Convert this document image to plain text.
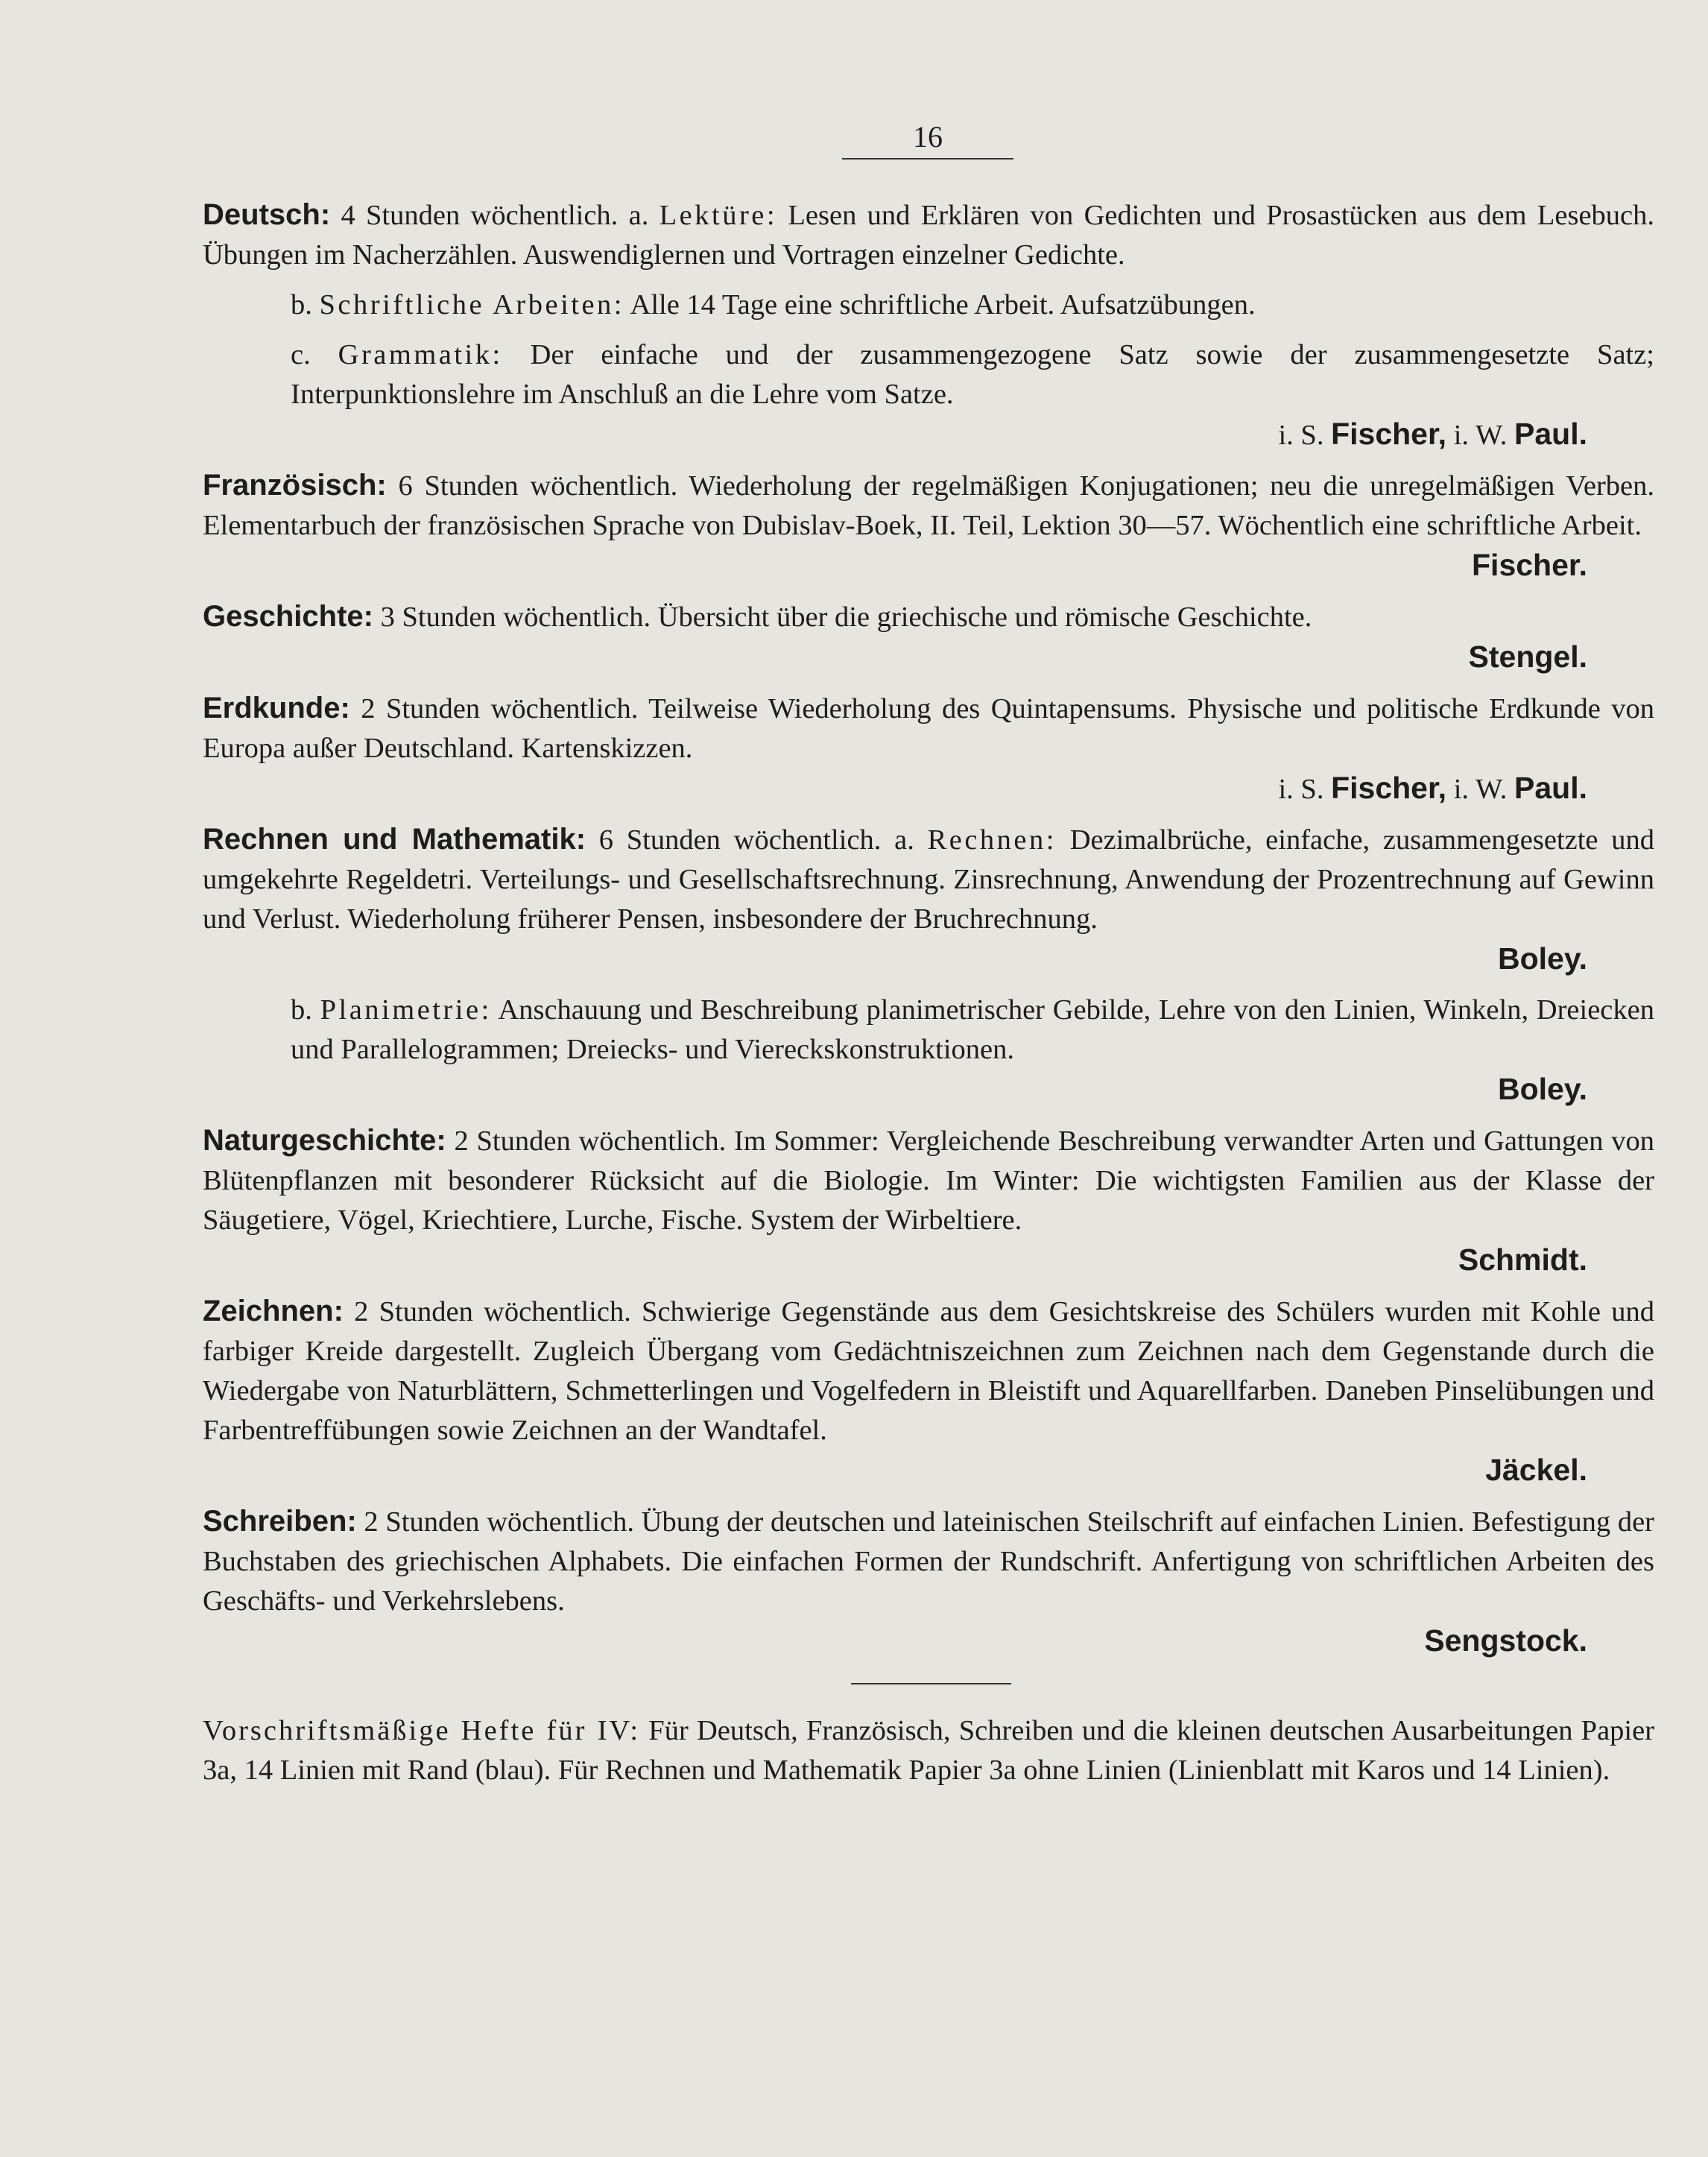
16
Deutsch: 4 Stunden wöchentlich. a. Lektüre: Lesen und Erklären von Gedichten und Prosastücken aus dem Lesebuch. Übungen im Nacherzählen. Auswendiglernen und Vortragen einzelner Gedichte.
b. Schriftliche Arbeiten: Alle 14 Tage eine schriftliche Arbeit. Aufsatzübungen.
c. Grammatik: Der einfache und der zusammengezogene Satz sowie der zusammengesetzte Satz; Interpunktionslehre im Anschluß an die Lehre vom Satze.
i. S. Fischer, i. W. Paul.
Französisch: 6 Stunden wöchentlich. Wiederholung der regelmäßigen Konjugationen; neu die unregelmäßigen Verben. Elementarbuch der französischen Sprache von Dubislav-Boek, II. Teil, Lektion 30—57. Wöchentlich eine schriftliche Arbeit.
Fischer.
Geschichte: 3 Stunden wöchentlich. Übersicht über die griechische und römische Geschichte.
Stengel.
Erdkunde: 2 Stunden wöchentlich. Teilweise Wiederholung des Quintapensums. Physische und politische Erdkunde von Europa außer Deutschland. Kartenskizzen.
i. S. Fischer, i. W. Paul.
Rechnen und Mathematik: 6 Stunden wöchentlich. a. Rechnen: Dezimalbrüche, einfache, zusammengesetzte und umgekehrte Regeldetri. Verteilungs- und Gesellschaftsrechnung. Zinsrechnung, Anwendung der Prozentrechnung auf Gewinn und Verlust. Wiederholung früherer Pensen, insbesondere der Bruchrechnung.
Boley.
b. Planimetrie: Anschauung und Beschreibung planimetrischer Gebilde, Lehre von den Linien, Winkeln, Dreiecken und Parallelogrammen; Dreiecks- und Viereckskonstruktionen.
Boley.
Naturgeschichte: 2 Stunden wöchentlich. Im Sommer: Vergleichende Beschreibung verwandter Arten und Gattungen von Blütenpflanzen mit besonderer Rücksicht auf die Biologie. Im Winter: Die wichtigsten Familien aus der Klasse der Säugetiere, Vögel, Kriechtiere, Lurche, Fische. System der Wirbeltiere.
Schmidt.
Zeichnen: 2 Stunden wöchentlich. Schwierige Gegenstände aus dem Gesichtskreise des Schülers wurden mit Kohle und farbiger Kreide dargestellt. Zugleich Übergang vom Gedächtniszeichnen zum Zeichnen nach dem Gegenstande durch die Wiedergabe von Naturblättern, Schmetterlingen und Vogelfedern in Bleistift und Aquarellfarben. Daneben Pinselübungen und Farbentreffübungen sowie Zeichnen an der Wandtafel.
Jäckel.
Schreiben: 2 Stunden wöchentlich. Übung der deutschen und lateinischen Steilschrift auf einfachen Linien. Befestigung der Buchstaben des griechischen Alphabets. Die einfachen Formen der Rundschrift. Anfertigung von schriftlichen Arbeiten des Geschäfts- und Verkehrslebens.
Sengstock.
Vorschriftsmäßige Hefte für IV: Für Deutsch, Französisch, Schreiben und die kleinen deutschen Ausarbeitungen Papier 3a, 14 Linien mit Rand (blau). Für Rechnen und Mathematik Papier 3a ohne Linien (Linienblatt mit Karos und 14 Linien).
